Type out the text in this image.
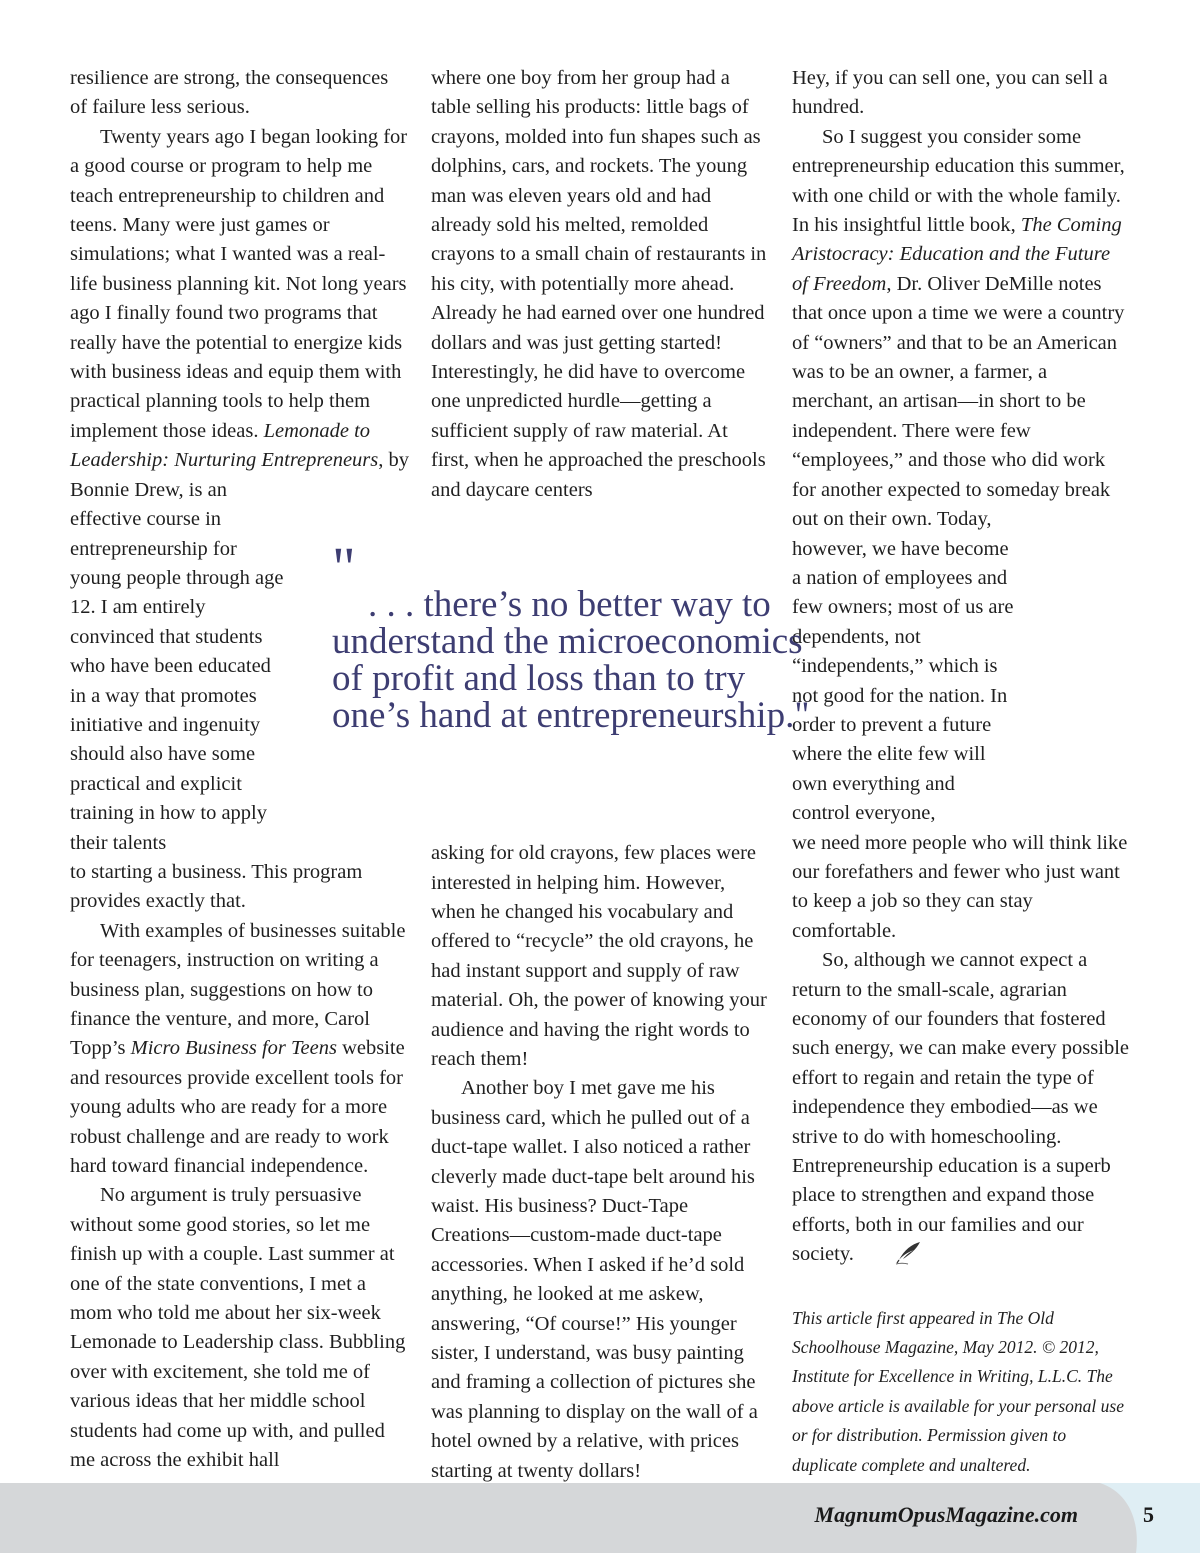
resilience are strong, the consequences of failure less serious.

Twenty years ago I began looking for a good course or program to help me teach entrepreneurship to children and teens. Many were just games or simulations; what I wanted was a real-life business planning kit. Not long years ago I finally found two programs that really have the potential to energize kids with business ideas and equip them with practical planning tools to help them implement those ideas. Lemonade to Leadership: Nurturing Entrepreneurs, by Bonnie Drew, is an

effective course in entrepreneurship for young people through age 12. I am entirely convinced that students who have been educated in a way that promotes initiative and ingenuity should also have some practical and explicit training in how to apply their talents

to starting a business. This program provides exactly that.

With examples of businesses suitable for teenagers, instruction on writing a business plan, suggestions on how to finance the venture, and more, Carol Topp’s Micro Business for Teens website and resources provide excellent tools for young adults who are ready for a more robust challenge and are ready to work hard toward financial independence.

No argument is truly persuasive without some good stories, so let me finish up with a couple. Last summer at one of the state conventions, I met a mom who told me about her six-week Lemonade to Leadership class. Bubbling over with excitement, she told me of various ideas that her middle school students had come up with, and pulled me across the exhibit hall

where one boy from her group had a table selling his products: little bags of crayons, molded into fun shapes such as dolphins, cars, and rockets. The young man was eleven years old and had already sold his melted, remolded crayons to a small chain of restaurants in his city, with potentially more ahead. Already he had earned over one hundred dollars and was just getting started! Interestingly, he did have to overcome one unpredicted hurdle—getting a sufficient supply of raw material. At first, when he approached the preschools and daycare centers

asking for old crayons, few places were interested in helping him. However, when he changed his vocabulary and offered to “recycle” the old crayons, he had instant support and supply of raw material. Oh, the power of knowing your audience and having the right words to reach them!

Another boy I met gave me his business card, which he pulled out of a duct-tape wallet. I also noticed a rather cleverly made duct-tape belt around his waist. His business? Duct-Tape Creations—custom-made duct-tape accessories. When I asked if he’d sold anything, he looked at me askew, answering, “Of course!” His younger sister, I understand, was busy painting and framing a collection of pictures she was planning to display on the wall of a hotel owned by a relative, with prices starting at twenty dollars!

Hey, if you can sell one, you can sell a hundred.

So I suggest you consider some entrepreneurship education this summer, with one child or with the whole family. In his insightful little book, The Coming Aristocracy: Education and the Future of Freedom, Dr. Oliver DeMille notes that once upon a time we were a country of “owners” and that to be an American was to be an owner, a farmer, a merchant, an artisan—in short to be independent. There were few “employees,” and those who did work for another expected to someday break

out on their own. Today, however, we have become a nation of employees and few owners; most of us are dependents, not “independents,” which is not good for the nation. In order to prevent a future where the elite few will own everything and control everyone,

we need more people who will think like our forefathers and fewer who just want to keep a job so they can stay comfortable.

So, although we cannot expect a return to the small-scale, agrarian economy of our founders that fostered such energy, we can make every possible effort to regain and retain the type of independence they embodied—as we strive to do with homeschooling. Entrepreneurship education is a superb place to strengthen and expand those efforts, both in our families and our society.

This article first appeared in The Old Schoolhouse Magazine, May 2012. © 2012, Institute for Excellence in Writing, L.L.C. The above article is available for your personal use or for distribution. Permission given to duplicate complete and unaltered.

"
. . . there’s no better way to
understand the microeconomics
of profit and loss than to try
one’s hand at entrepreneurship."
MagnumOpusMagazine.com	5
